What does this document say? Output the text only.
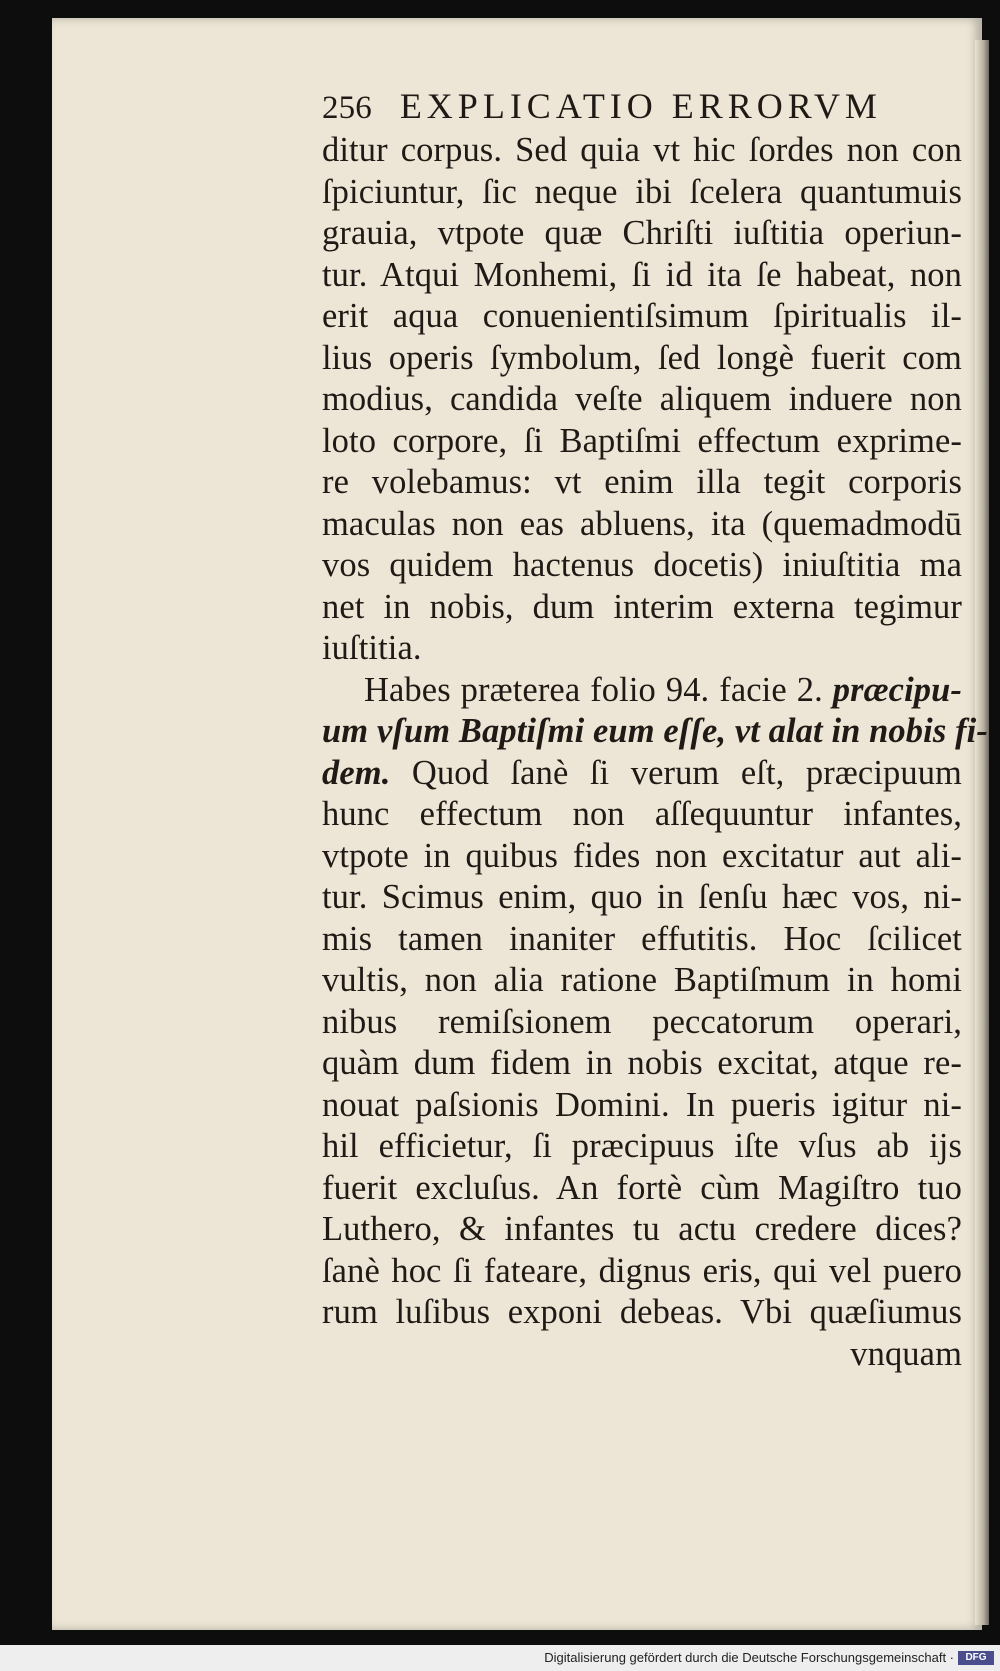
256 EXPLICATIO ERRORVM
ditur corpus. Sed quia vt hic ſordes non con
ſpiciuntur, ſic neque ibi ſcelera quantumuis
grauia, vtpote quæ Chriſti iuſtitia operiun-
tur. Atqui Monhemi, ſi id ita ſe habeat, non
erit aqua conuenientiſsimum ſpiritualis il-
lius operis ſymbolum, ſed longè fuerit com
modius, candida veſte aliquem induere non
loto corpore, ſi Baptiſmi effectum exprime-
re volebamus: vt enim illa tegit corporis
maculas non eas abluens, ita (quemadmodū
vos quidem hactenus docetis) iniuſtitia ma
net in nobis, dum interim externa tegimur
iuſtitia.
Habes præterea folio 94. facie 2. præcipu-
um vſum Baptiſmi eum eſſe, vt alat in nobis fi-
dem. Quod ſanè ſi verum eſt, præcipuum
hunc effectum non aſſequuntur infantes,
vtpote in quibus fides non excitatur aut ali-
tur. Scimus enim, quo in ſenſu hæc vos, ni-
mis tamen inaniter effutitis. Hoc ſcilicet
vultis, non alia ratione Baptiſmum in homi
nibus remiſsionem peccatorum operari,
quàm dum fidem in nobis excitat, atque re-
nouat paſsionis Domini. In pueris igitur ni-
hil efficietur, ſi præcipuus iſte vſus ab ijs
fuerit excluſus. An fortè cùm Magiſtro tuo
Luthero, & infantes tu actu credere dices?
ſanè hoc ſi fatearе, dignus eris, qui vel puero
rum luſibus exponi debeas. Vbi quæſiumus
vnquam
Digitalisierung gefördert durch die Deutsche Forschungsgemeinschaft ·	DFG
